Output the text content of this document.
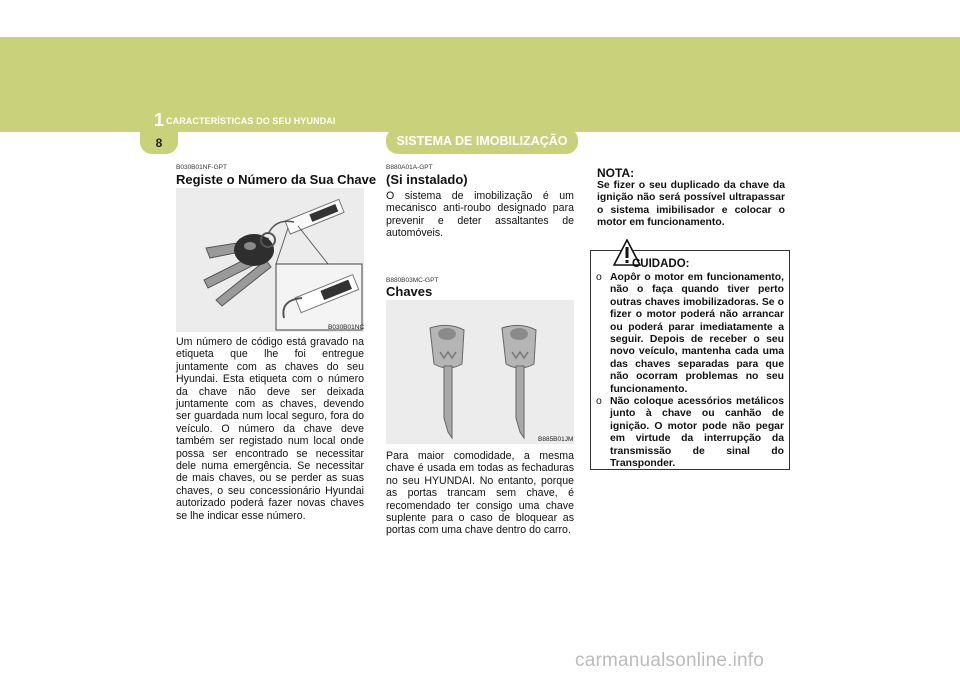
1 CARACTERÍSTICAS DO SEU HYUNDAI
8	SISTEMA DE IMOBILIZAÇÃO
B030B01NF-GPT
Registe o Número da Sua Chave
B030B01NC
Um número de código está gravado na etiqueta que lhe foi entregue juntamente com as chaves do seu Hyundai. Esta etiqueta com o número da chave não deve ser deixada juntamente com as chaves, devendo ser guardada num local seguro, fora do veículo. O número da chave deve também ser registado num local onde possa ser encontrado se necessitar dele numa emergência. Se necessitar de mais chaves, ou se perder as suas chaves, o seu concessionário Hyundai autorizado poderá fazer novas chaves se lhe indicar esse número.
B880A01A-GPT
(Si instalado)
O sistema de imobilização é um mecanisco anti-roubo designado para prevenir e deter assaltantes de automóveis.
B880B03MC-GPT
Chaves
B885B01JM
Para maior comodidade, a mesma chave é usada em todas as fechaduras no seu HYUNDAI. No entanto, porque as portas trancam sem chave, é recomendado ter consigo uma chave suplente para o caso de bloquear as portas com uma chave dentro do carro.
NOTA:
Se fizer o seu duplicado da chave da ignição não será possível ultrapassar o sistema imibilisador e colocar o motor em funcionamento.
CUIDADO:
o Aopôr o motor em funcionamento, não o faça quando tiver perto outras chaves imobilizadoras. Se o fizer o motor poderá não arrancar ou poderá parar imediatamente a seguir. Depois de receber o seu novo veículo, mantenha cada uma das chaves separadas para que não ocorram problemas no seu funcionamento.
o Não coloque acessórios metálicos junto à chave ou canhão de ignição. O motor pode não pegar em virtude da interrupção da transmissão de sinal do Transponder.
carmanualsonline.info
